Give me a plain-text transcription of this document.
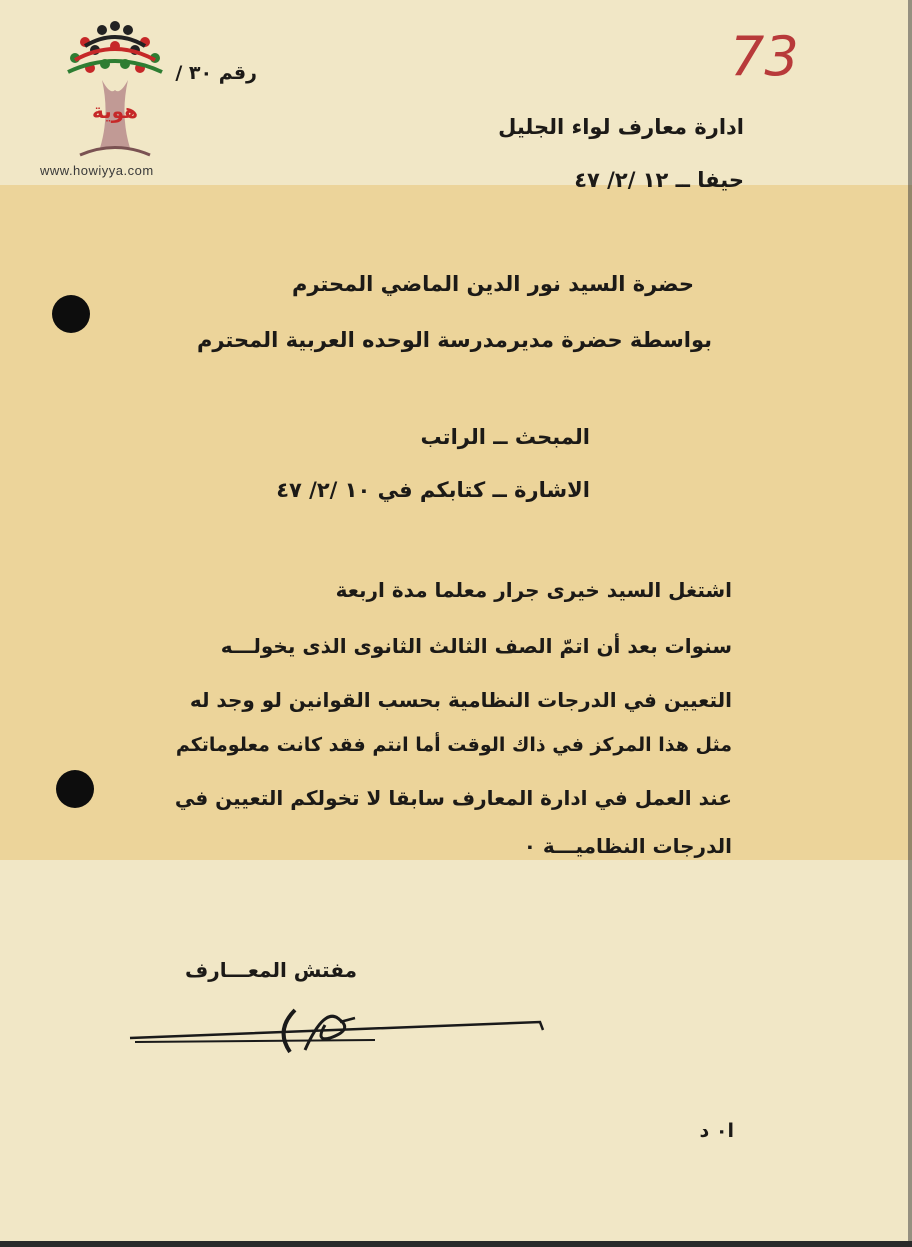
هوية
www.howiyya.com
73
رقم ٣٠ /
ادارة معارف لواء الجليل
حيفا ــ ١٢ /٢/ ٤٧
حضرة السيد نور الدين الماضي المحترم
بواسطة حضرة مديرمدرسة الوحده العربية المحترم
المبحث ــ الراتب
الاشارة ــ كتابكم في ١٠ /٢/ ٤٧
اشتغل السيد خيرى جرار معلما مدة اربعة
سنوات بعد أن اتمّ الصف الثالث الثانوى الذى يخولـــه
التعيين في الدرجات النظامية بحسب القوانين لو وجد له
مثل هذا المركز في ذاك الوقت أما انتم فقد كانت معلوماتكم
عند العمل في ادارة المعارف سابقا لا تخولكم التعيين في
الدرجات النظاميـــة ٠
مفتش المعـــارف
ا٠ د
